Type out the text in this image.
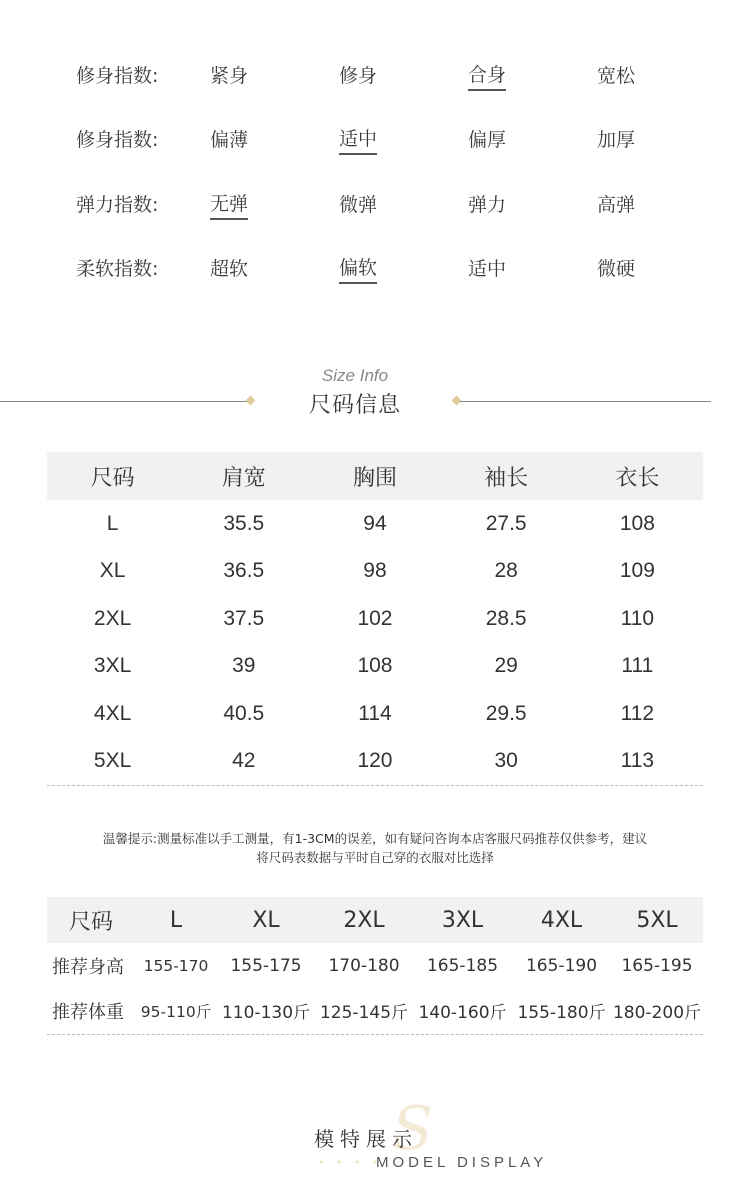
修身指数:	紧身	修身	合身	宽松
修身指数:	偏薄	适中	偏厚	加厚
弹力指数:	无弹	微弹	弹力	高弹
柔软指数:	超软	偏软	适中	微硬
Size Info
尺码信息
尺码	肩宽	胸围	袖长	衣长
L	35.5	94	27.5	108
XL	36.5	98	28	109
2XL	37.5	102	28.5	110
3XL	39	108	29	111
4XL	40.5	114	29.5	112
5XL	42	120	30	113
温馨提示:测量标准以手工测量，有1-3CM的误差，如有疑问咨询本店客服尺码推荐仅供参考，建议
将尺码表数据与平时自己穿的衣服对比选择
尺码	L	XL	2XL	3XL	4XL	5XL
推荐身高	155-170	155-175	170-180	165-185	165-190	165-195
推荐体重	95-110斤	110-130斤	125-145斤	140-160斤	155-180斤	180-200斤
S
模特展示
• • • •
MODEL DISPLAY
